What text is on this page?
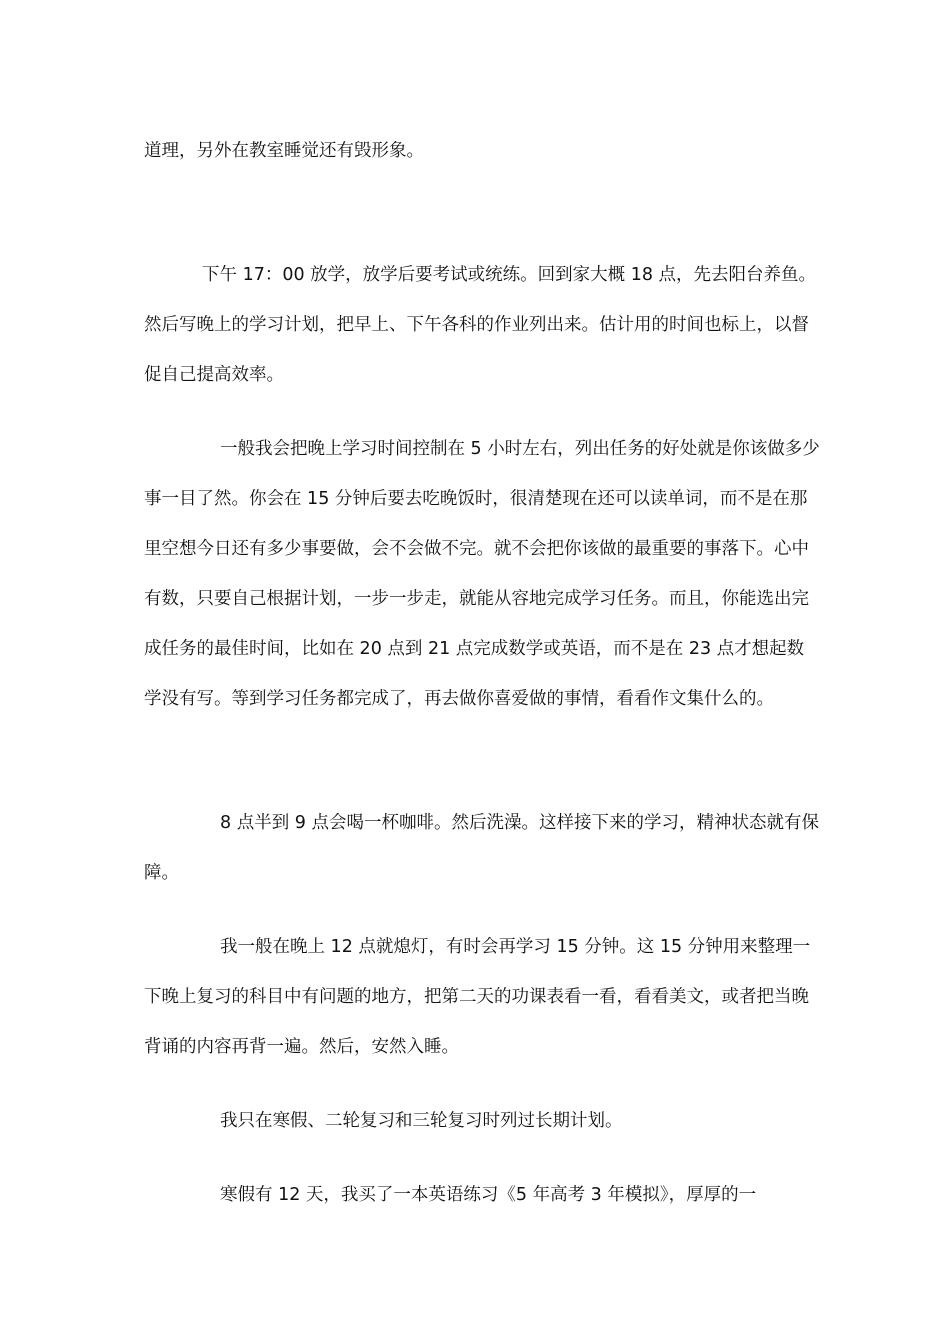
道理，另外在教室睡觉还有毁形象。

下午 17：00 放学，放学后要考试或统练。回到家大概 18 点，先去阳台养鱼。然后写晚上的学习计划，把早上、下午各科的作业列出来。估计用的时间也标上，以督促自己提高效率。

一般我会把晚上学习时间控制在 5 小时左右，列出任务的好处就是你该做多少事一目了然。你会在 15 分钟后要去吃晚饭时，很清楚现在还可以读单词，而不是在那里空想今日还有多少事要做，会不会做不完。就不会把你该做的最重要的事落下。心中有数，只要自己根据计划，一步一步走，就能从容地完成学习任务。而且，你能选出完成任务的最佳时间，比如在 20 点到 21 点完成数学或英语，而不是在 23 点才想起数学没有写。等到学习任务都完成了，再去做你喜爱做的事情，看看作文集什么的。

8 点半到 9 点会喝一杯咖啡。然后洗澡。这样接下来的学习，精神状态就有保障。

我一般在晚上 12 点就熄灯，有时会再学习 15 分钟。这 15 分钟用来整理一下晚上复习的科目中有问题的地方，把第二天的功课表看一看，看看美文，或者把当晚背诵的内容再背一遍。然后，安然入睡。

我只在寒假、二轮复习和三轮复习时列过长期计划。

寒假有 12 天，我买了一本英语练习《5 年高考 3 年模拟》，厚厚的一
